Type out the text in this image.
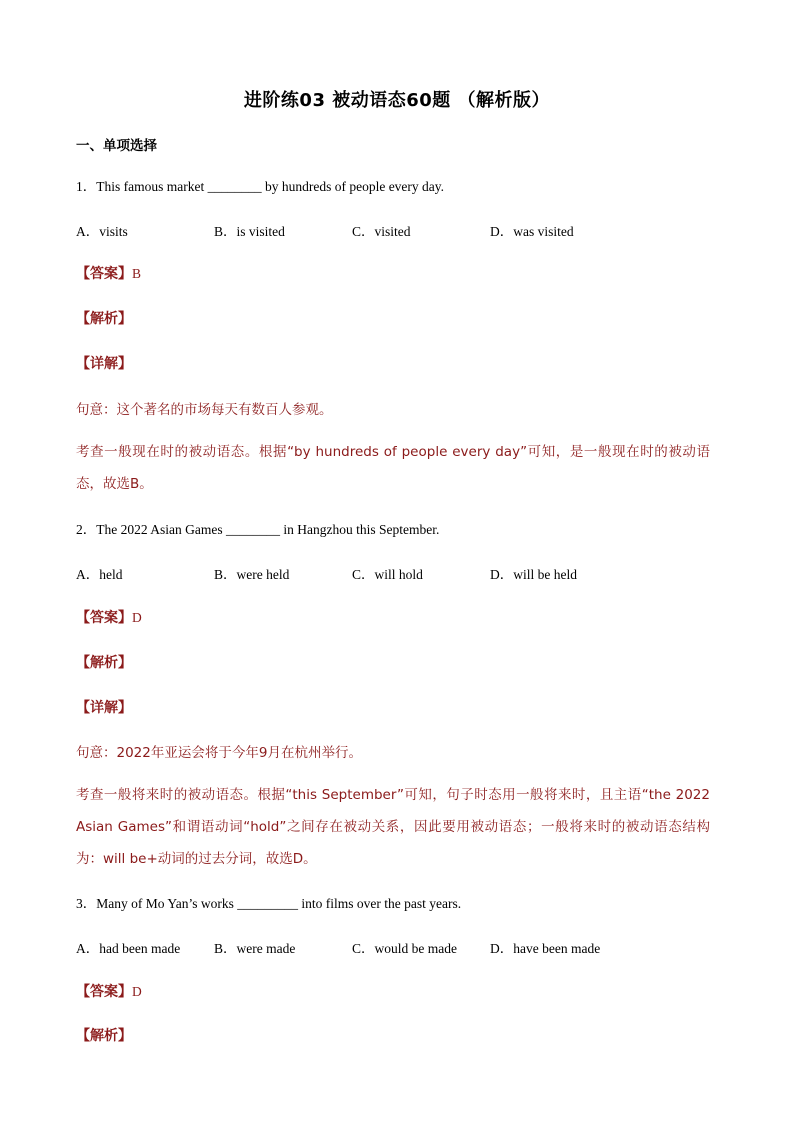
进阶练03 被动语态60题 （解析版）
一、单项选择
1．This famous market ________ by hundreds of people every day.
A．visits	B．is visited	C．visited	D．was visited
【答案】B
【解析】
【详解】
句意：这个著名的市场每天有数百人参观。
考查一般现在时的被动语态。根据“by hundreds of people every day”可知，是一般现在时的被动语态，故选B。
2．The 2022 Asian Games ________ in Hangzhou this September.
A．held	B．were held	C．will hold	D．will be held
【答案】D
【解析】
【详解】
句意：2022年亚运会将于今年9月在杭州举行。
考查一般将来时的被动语态。根据“this September”可知，句子时态用一般将来时，且主语“the 2022 Asian Games”和谓语动词“hold”之间存在被动关系，因此要用被动语态；一般将来时的被动语态结构为：will be+动词的过去分词，故选D。
3．Many of Mo Yan’s works _________ into films over the past years.
A．had been made	B．were made	C．would be made D．have been made
【答案】D
【解析】
